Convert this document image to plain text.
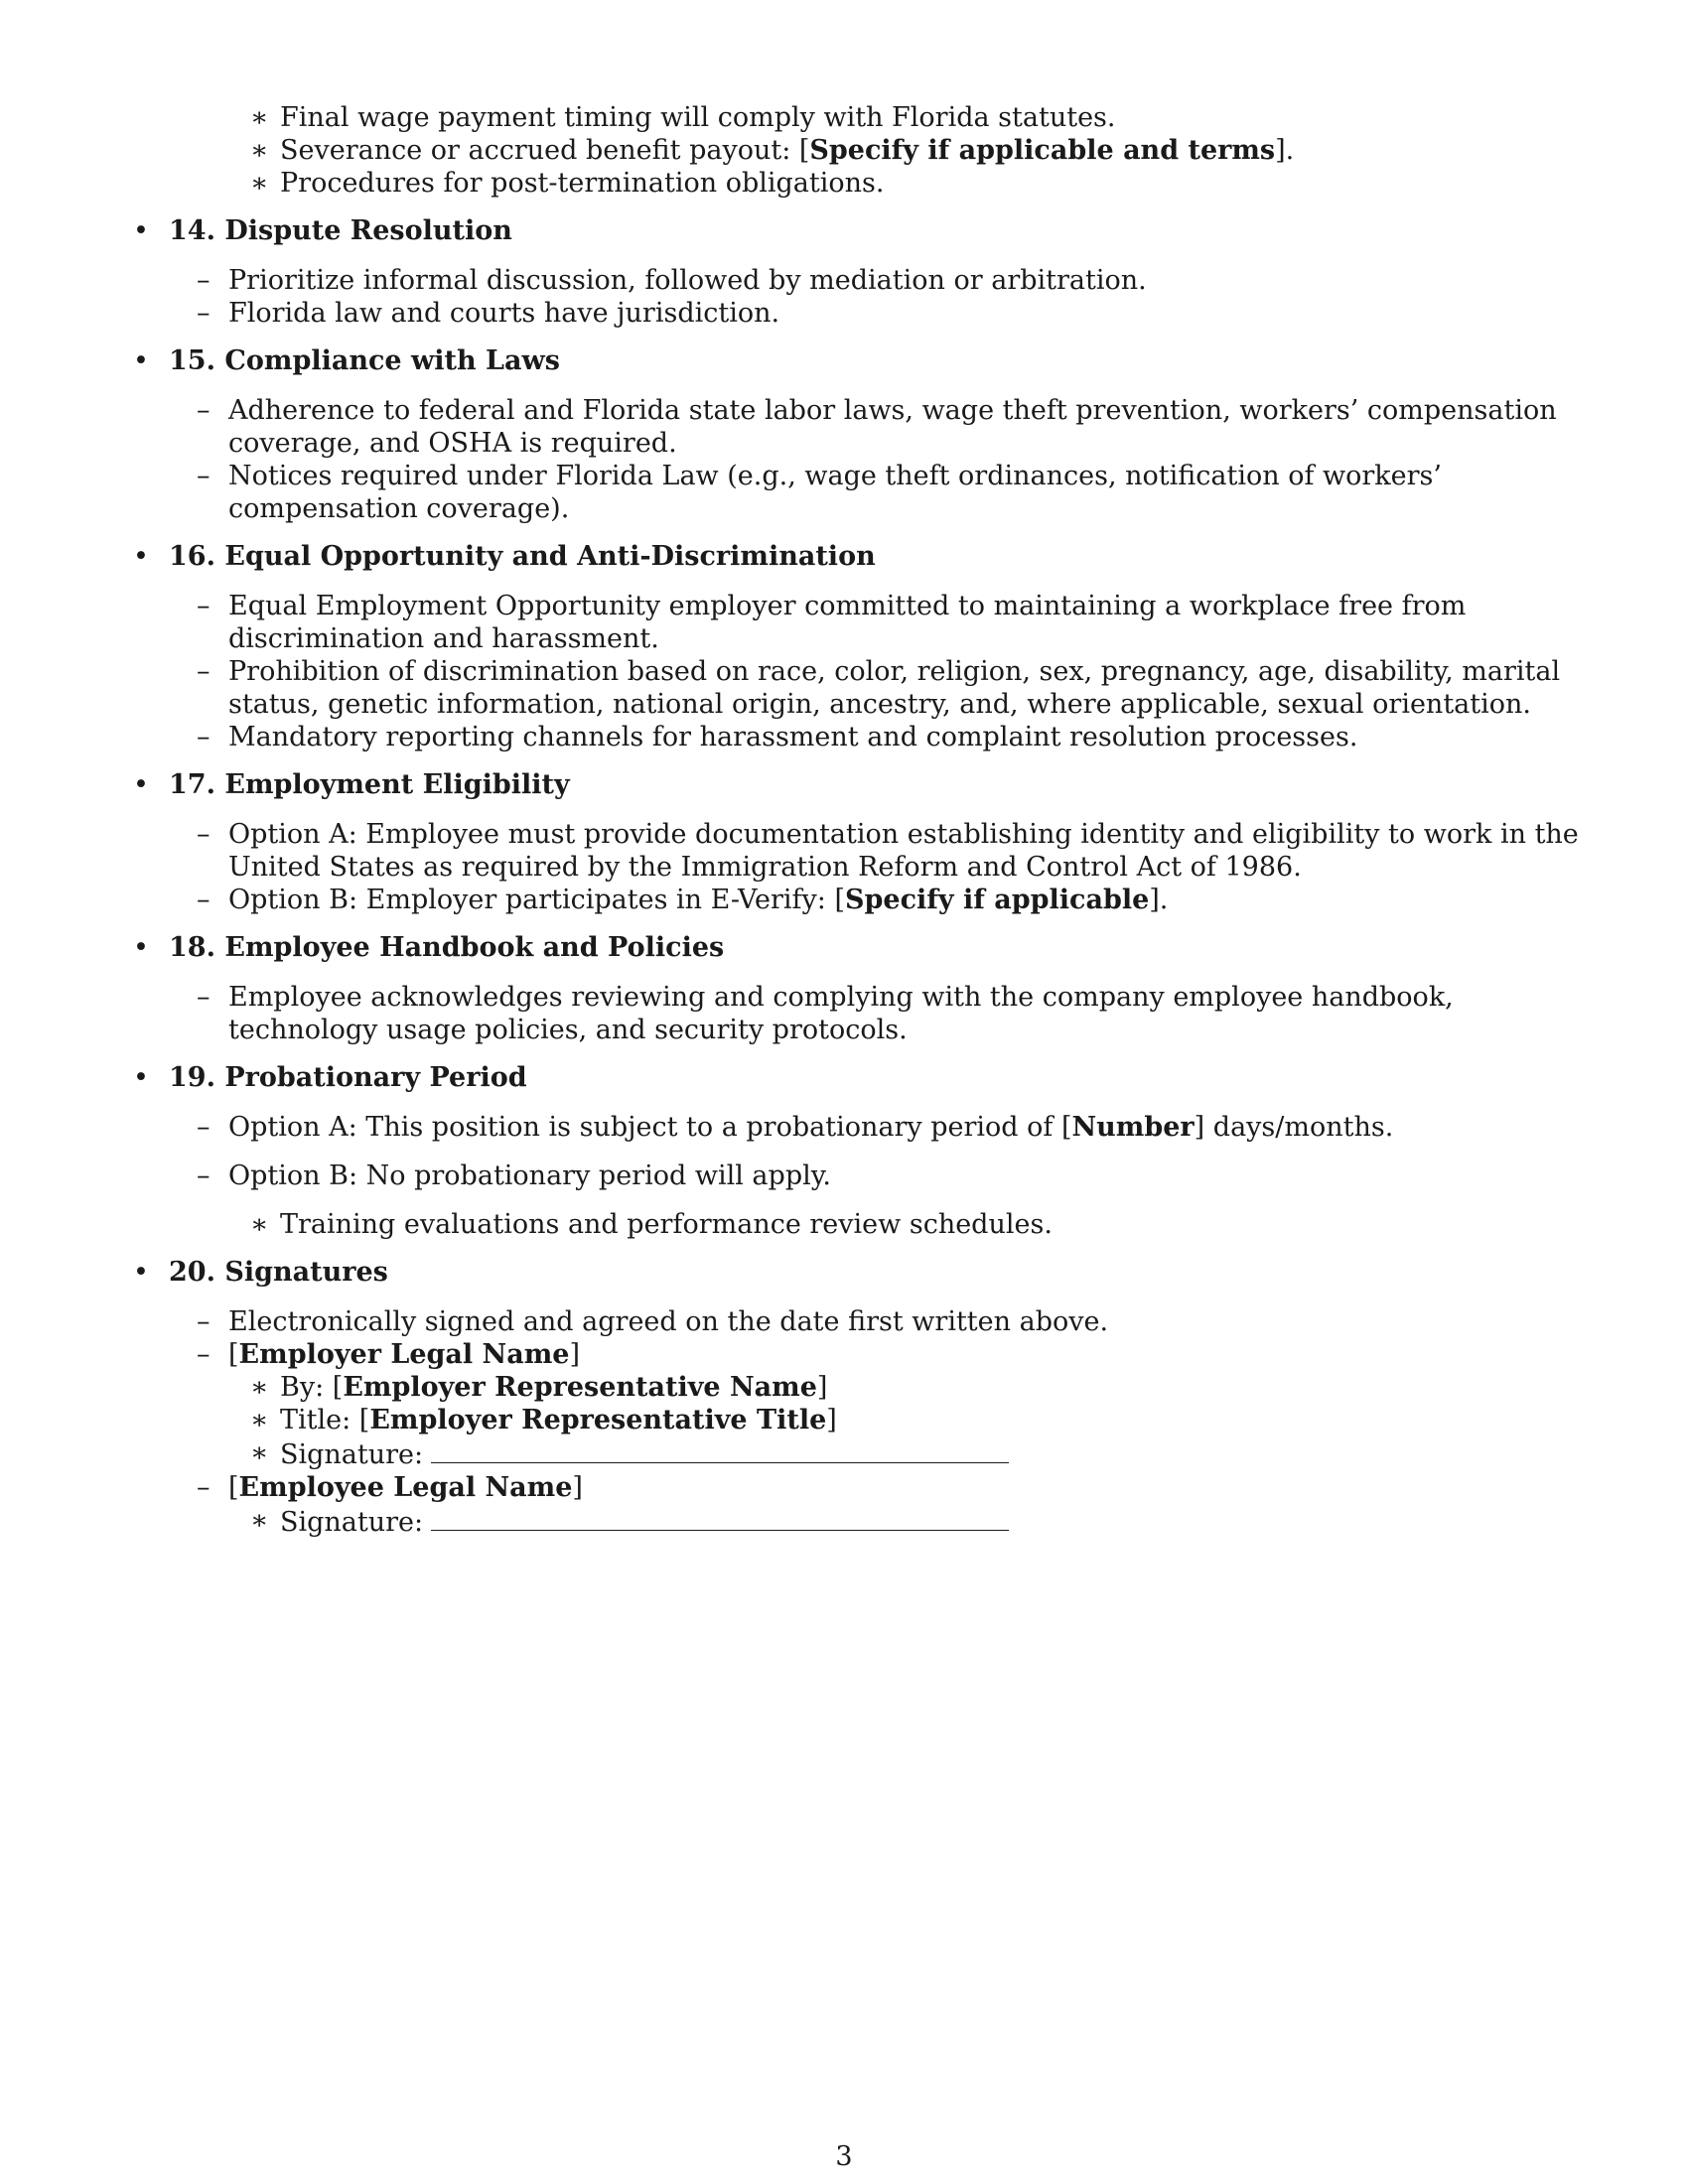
∗ Final wage payment timing will comply with Florida statutes.
∗ Severance or accrued benefit payout: [Specify if applicable and terms].
∗ Procedures for post-termination obligations.
• 14. Dispute Resolution
– Prioritize informal discussion, followed by mediation or arbitration.
– Florida law and courts have jurisdiction.
• 15. Compliance with Laws
– Adherence to federal and Florida state labor laws, wage theft prevention, workers’ compensation coverage, and OSHA is required.
– Notices required under Florida Law (e.g., wage theft ordinances, notification of workers’ compensation coverage).
• 16. Equal Opportunity and Anti-Discrimination
– Equal Employment Opportunity employer committed to maintaining a workplace free from discrimination and harassment.
– Prohibition of discrimination based on race, color, religion, sex, pregnancy, age, disability, marital status, genetic information, national origin, ancestry, and, where applicable, sexual orientation.
– Mandatory reporting channels for harassment and complaint resolution processes.
• 17. Employment Eligibility
– Option A: Employee must provide documentation establishing identity and eligibility to work in the United States as required by the Immigration Reform and Control Act of 1986.
– Option B: Employer participates in E-Verify: [Specify if applicable].
• 18. Employee Handbook and Policies
– Employee acknowledges reviewing and complying with the company employee handbook, technology usage policies, and security protocols.
• 19. Probationary Period
– Option A: This position is subject to a probationary period of [Number] days/months.
– Option B: No probationary period will apply.
∗ Training evaluations and performance review schedules.
• 20. Signatures
– Electronically signed and agreed on the date first written above.
– [Employer Legal Name]
∗ By: [Employer Representative Name]
∗ Title: [Employer Representative Title]
∗ Signature:
– [Employee Legal Name]
∗ Signature:
3
